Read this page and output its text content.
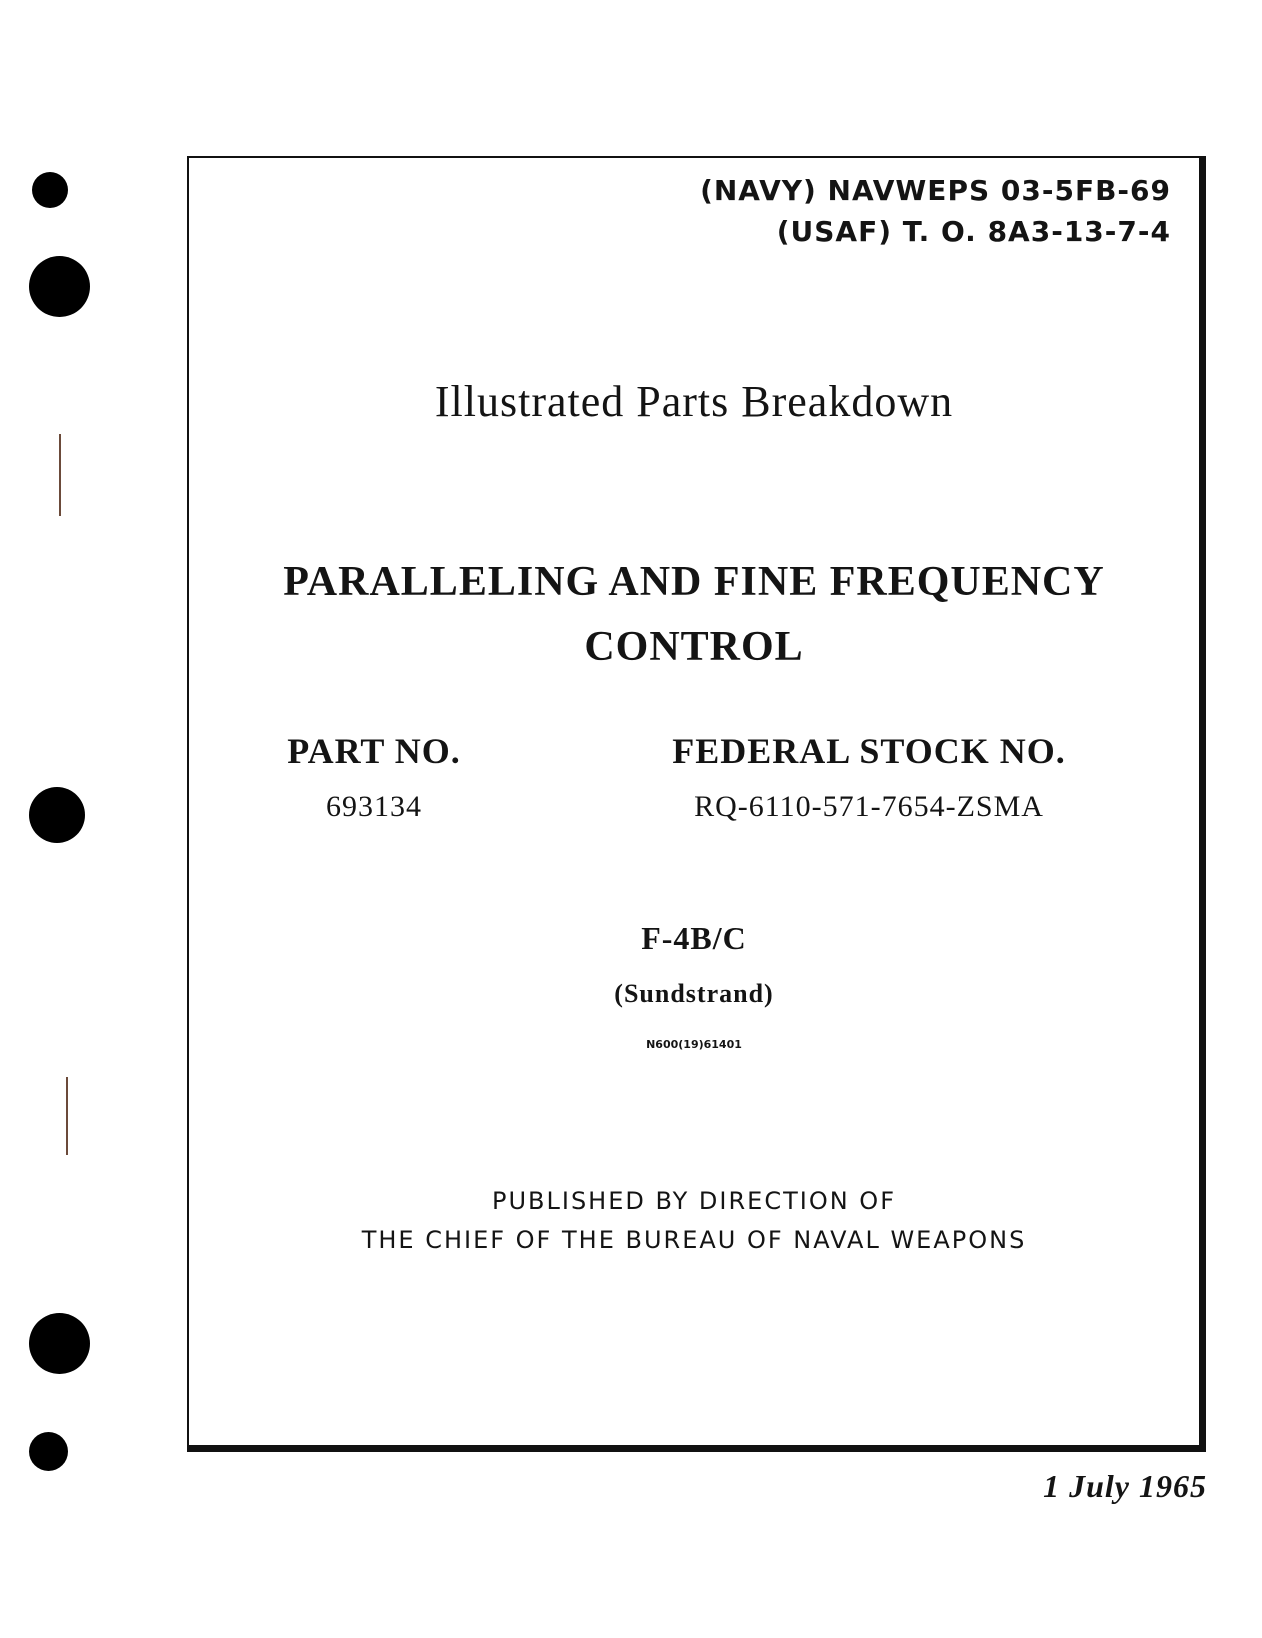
(NAVY) NAVWEPS 03-5FB-69
(USAF) T. O. 8A3-13-7-4
Illustrated Parts Breakdown
PARALLELING AND FINE FREQUENCY
CONTROL
PART NO.
693134
FEDERAL STOCK NO.
RQ-6110-571-7654-ZSMA
F-4B/C
(Sundstrand)
N600(19)61401
PUBLISHED BY DIRECTION OF
THE CHIEF OF THE BUREAU OF NAVAL WEAPONS
1 July 1965
